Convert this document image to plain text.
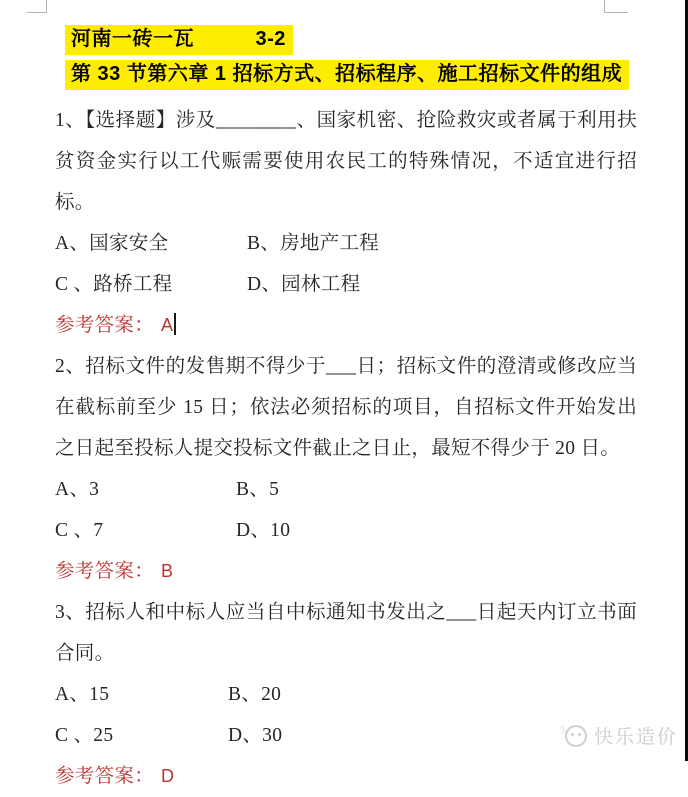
河南一砖一瓦　　　3-2
第 33 节第六章 1 招标方式、招标程序、施工招标文件的组成

1、【选择题】涉及________、国家机密、抢险救灾或者属于利用扶贫资金实行以工代赈需要使用农民工的特殊情况，不适宜进行招标。

A、国家安全	B、房地产工程
C 、路桥工程	D、园林工程

参考答案： A

2、招标文件的发售期不得少于___日；招标文件的澄清或修改应当在截标前至少 15 日；依法必须招标的项目，自招标文件开始发出之日起至投标人提交投标文件截止之日止，最短不得少于 20 日。

A、3	B、5
C 、7	D、10

参考答案： B

3、招标人和中标人应当自中标通知书发出之___日起天内订立书面合同。

A、15	B、20
C 、25	D、30

参考答案： D

彡 快乐造价
